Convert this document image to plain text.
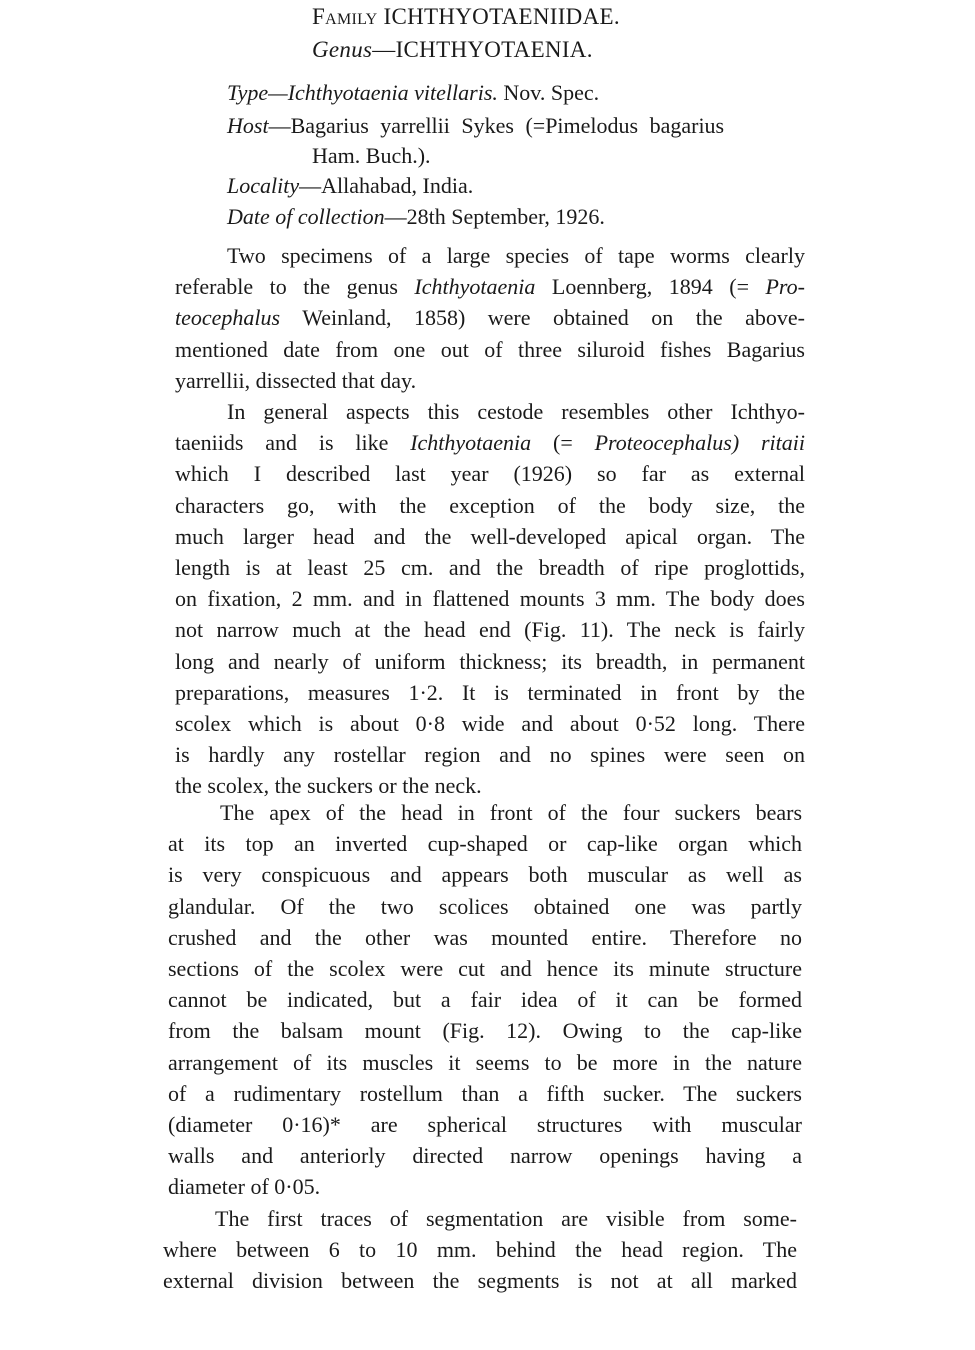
Family ICHTHYOTAENIIDAE.
Genus—ICHTHYOTAENIA.
Type—Ichthyotaenia vitellaris. Nov. Spec.
Host—Bagarius yarrellii Sykes (=Pimelodus bagarius
Ham. Buch.).
Locality—Allahabad, India.
Date of collection—28th September, 1926.
Two specimens of a large species of tape worms clearly
referable to the genus Ichthyotaenia Loennberg, 1894 (= Pro-
teocephalus Weinland, 1858) were obtained on the above-
mentioned date from one out of three siluroid fishes Bagarius
yarrellii, dissected that day.
In general aspects this cestode resembles other Ichthyo-
taeniids and is like Ichthyotaenia (= Proteocephalus) ritaii
which I described last year (1926) so far as external
characters go, with the exception of the body size, the
much larger head and the well-developed apical organ. The
length is at least 25 cm. and the breadth of ripe proglottids,
on fixation, 2 mm. and in flattened mounts 3 mm. The body does
not narrow much at the head end (Fig. 11). The neck is fairly
long and nearly of uniform thickness; its breadth, in permanent
preparations, measures 1·2. It is terminated in front by the
scolex which is about 0·8 wide and about 0·52 long. There
is hardly any rostellar region and no spines were seen on
the scolex, the suckers or the neck.
The apex of the head in front of the four suckers bears
at its top an inverted cup-shaped or cap-like organ which
is very conspicuous and appears both muscular as well as
glandular. Of the two scolices obtained one was partly
crushed and the other was mounted entire. Therefore no
sections of the scolex were cut and hence its minute structure
cannot be indicated, but a fair idea of it can be formed
from the balsam mount (Fig. 12). Owing to the cap-like
arrangement of its muscles it seems to be more in the nature
of a rudimentary rostellum than a fifth sucker. The suckers
(diameter 0·16)* are spherical structures with muscular
walls and anteriorly directed narrow openings having a
diameter of 0·05.
The first traces of segmentation are visible from some-
where between 6 to 10 mm. behind the head region. The
external division between the segments is not at all marked
